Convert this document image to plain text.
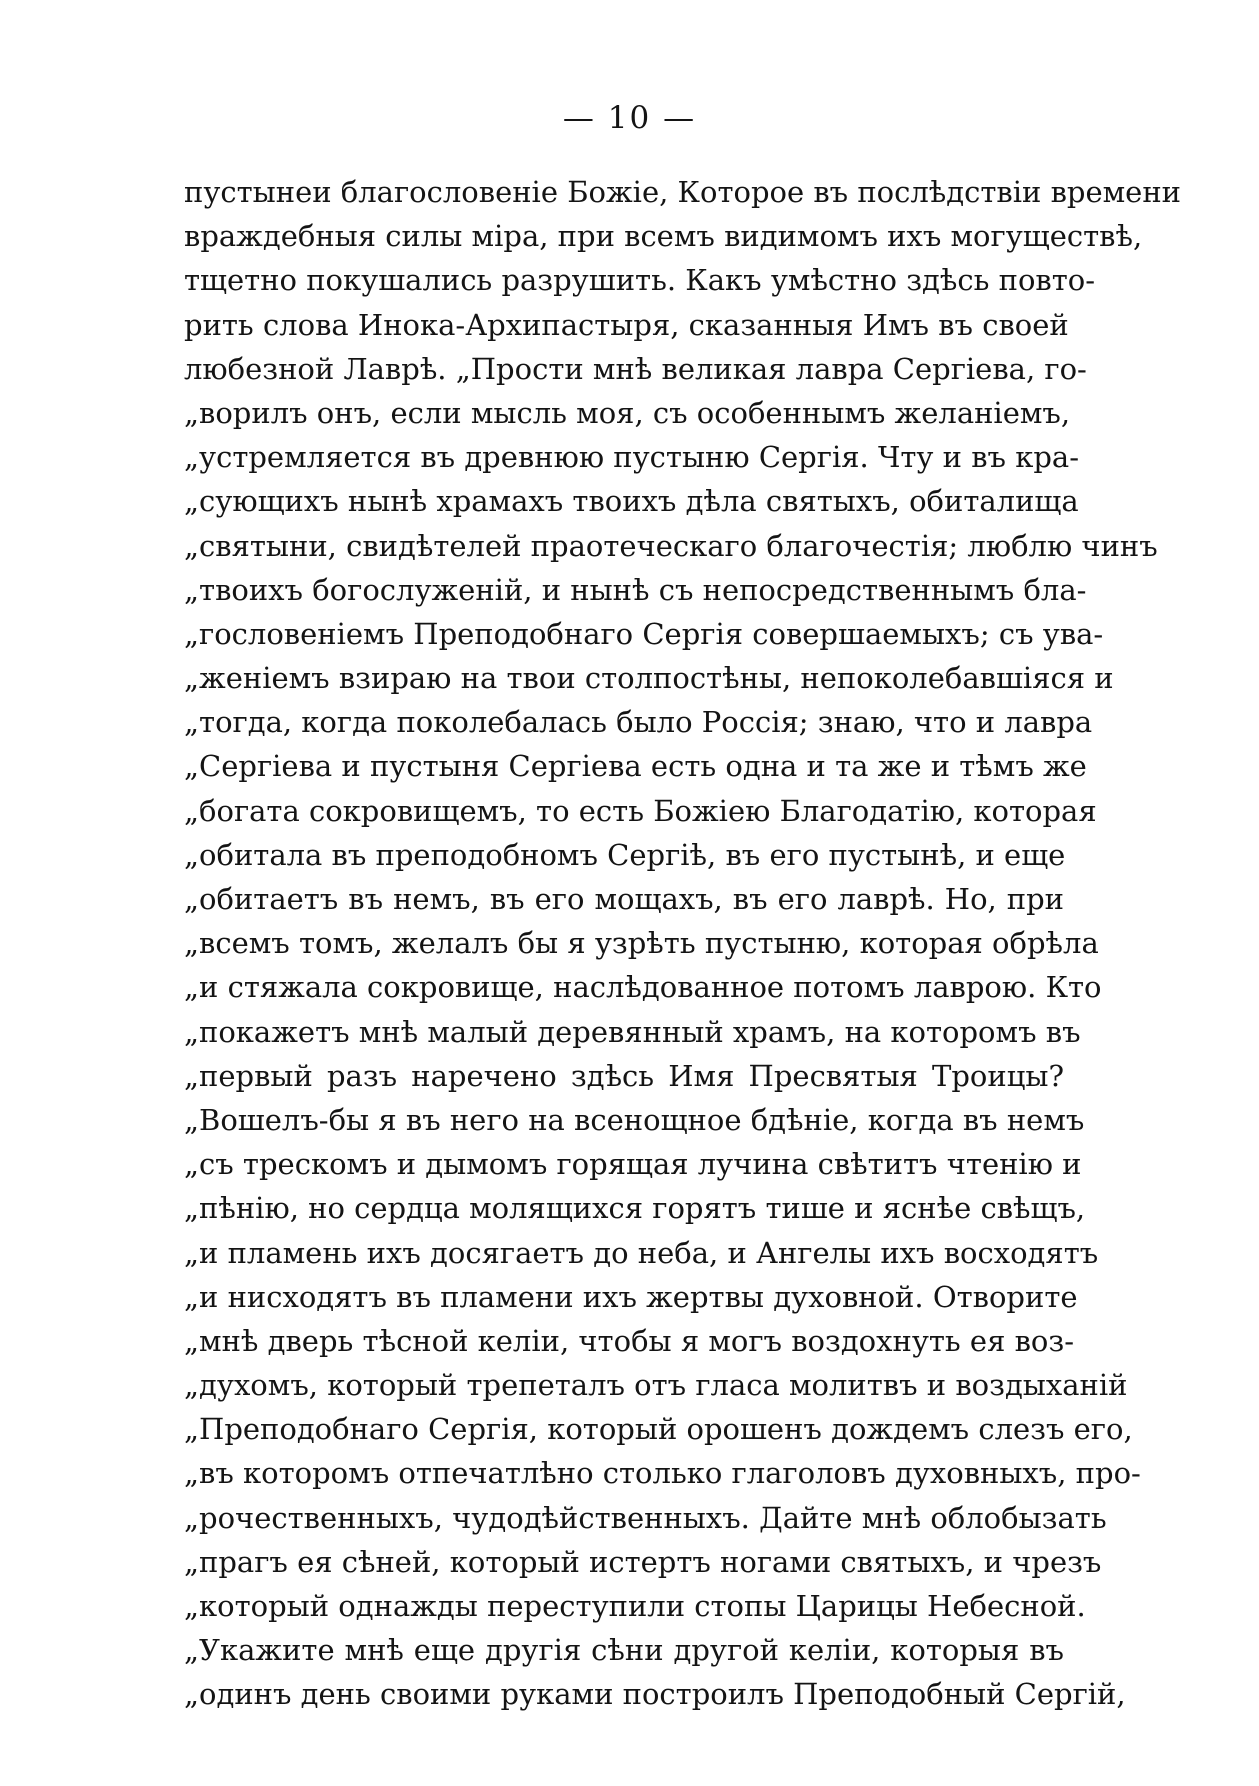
— 10 —
пустынеи благословеніе Божіе, Которое въ послѣдствіи времени
враждебныя силы міра, при всемъ видимомъ ихъ могуществѣ,
тщетно покушались разрушить. Какъ умѣстно здѣсь повто-
рить слова Инока-Архипастыря, сказанныя Имъ въ своей
любезной Лаврѣ. „Прости мнѣ великая лавра Сергіева, го-
„ворилъ онъ, если мысль моя, съ особеннымъ желаніемъ,
„устремляется въ древнюю пустыню Сергія. Чту и въ кра-
„сующихъ нынѣ храмахъ твоихъ дѣла святыхъ, обиталища
„святыни, свидѣтелей праотеческаго благочестія; люблю чинъ
„твоихъ богослуженій, и нынѣ съ непосредственнымъ бла-
„гословеніемъ Преподобнаго Сергія совершаемыхъ; съ ува-
„женіемъ взираю на твои столпостѣны, непоколебавшіяся и
„тогда, когда поколебалась было Россія; знаю, что и лавра
„Сергіева и пустыня Сергіева есть одна и та же и тѣмъ же
„богата сокровищемъ, то есть Божіею Благодатію, которая
„обитала въ преподобномъ Сергіѣ, въ его пустынѣ, и еще
„обитаетъ въ немъ, въ его мощахъ, въ его лаврѣ. Но, при
„всемъ томъ, желалъ бы я узрѣть пустыню, которая обрѣла
„и стяжала сокровище, наслѣдованное потомъ лаврою. Кто
„покажетъ мнѣ малый деревянный храмъ, на которомъ въ
„первый разъ наречено здѣсь Имя Пресвятыя Троицы?
„Вошелъ-бы я въ него на всенощное бдѣніе, когда въ немъ
„съ трескомъ и дымомъ горящая лучина свѣтитъ чтенію и
„пѣнію, но сердца молящихся горятъ тише и яснѣе свѣщъ,
„и пламень ихъ досягаетъ до неба, и Ангелы ихъ восходятъ
„и нисходятъ въ пламени ихъ жертвы духовной. Отворите
„мнѣ дверь тѣсной келіи, чтобы я могъ воздохнуть ея воз-
„духомъ, который трепеталъ отъ гласа молитвъ и воздыханій
„Преподобнаго Сергія, который орошенъ дождемъ слезъ его,
„въ которомъ отпечатлѣно столько глаголовъ духовныхъ, про-
„рочественныхъ, чудодѣйственныхъ. Дайте мнѣ облобызать
„прагъ ея сѣней, который истертъ ногами святыхъ, и чрезъ
„который однажды переступили стопы Царицы Небесной.
„Укажите мнѣ еще другія сѣни другой келіи, которыя въ
„одинъ день своими руками построилъ Преподобный Сергій,
